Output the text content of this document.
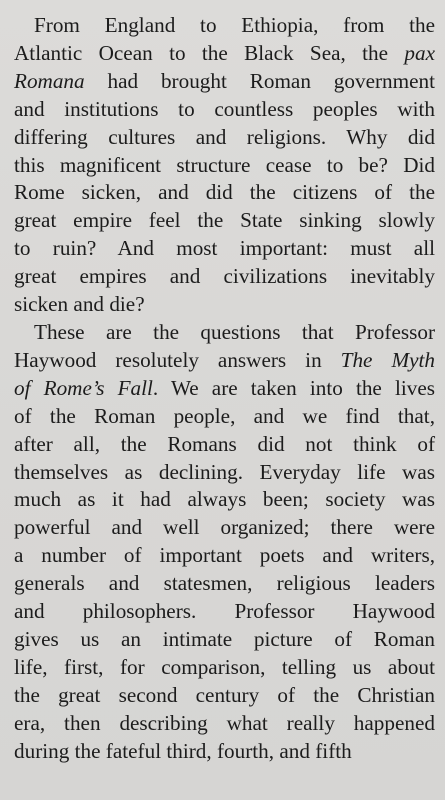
From England to Ethiopia, from the
Atlantic Ocean to the Black Sea, the pax
Romana had brought Roman government
and institutions to countless peoples with
differing cultures and religions. Why did
this magnificent structure cease to be? Did
Rome sicken, and did the citizens of the
great empire feel the State sinking slowly
to ruin? And most important: must all
great empires and civilizations inevitably
sicken and die?

These are the questions that Professor
Haywood resolutely answers in The Myth
of Rome’s Fall. We are taken into the lives
of the Roman people, and we find that,
after all, the Romans did not think of
themselves as declining. Everyday life was
much as it had always been; society was
powerful and well organized; there were
a number of important poets and writers,
generals and statesmen, religious leaders
and philosophers. Professor Haywood
gives us an intimate picture of Roman
life, first, for comparison, telling us about
the great second century of the Christian
era, then describing what really happened
during the fateful third, fourth, and fifth
